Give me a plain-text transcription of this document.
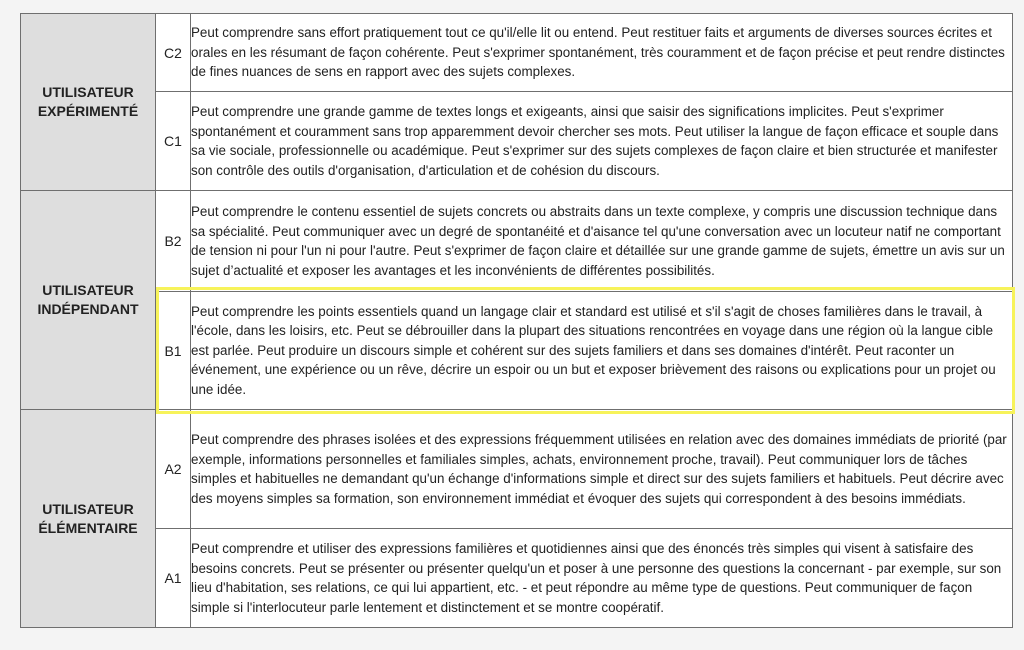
UTILISATEUR
EXPÉRIMENTÉ	C2	Peut comprendre sans effort pratiquement tout ce qu'il/elle lit ou entend. Peut restituer faits et arguments de diverses sources écrites et orales en les résumant de façon cohérente. Peut s'exprimer spontanément, très couramment et de façon précise et peut rendre distinctes de fines nuances de sens en rapport avec des sujets complexes.
	C1	Peut comprendre une grande gamme de textes longs et exigeants, ainsi que saisir des significations implicites. Peut s'exprimer spontanément et couramment sans trop apparemment devoir chercher ses mots. Peut utiliser la langue de façon efficace et souple dans sa vie sociale, professionnelle ou académique. Peut s'exprimer sur des sujets complexes de façon claire et bien structurée et manifester son contrôle des outils d'organisation, d'articulation et de cohésion du discours.
UTILISATEUR
INDÉPENDANT	B2	Peut comprendre le contenu essentiel de sujets concrets ou abstraits dans un texte complexe, y compris une discussion technique dans sa spécialité. Peut communiquer avec un degré de spontanéité et d'aisance tel qu'une conversation avec un locuteur natif ne comportant de tension ni pour l'un ni pour l'autre. Peut s'exprimer de façon claire et détaillée sur une grande gamme de sujets, émettre un avis sur un sujet d’actualité et exposer les avantages et les inconvénients de différentes possibilités.
	B1	Peut comprendre les points essentiels quand un langage clair et standard est utilisé et s'il s'agit de choses familières dans le travail, à l'école, dans les loisirs, etc. Peut se débrouiller dans la plupart des situations rencontrées en voyage dans une région où la langue cible est parlée. Peut produire un discours simple et cohérent sur des sujets familiers et dans ses domaines d'intérêt. Peut raconter un événement, une expérience ou un rêve, décrire un espoir ou un but et exposer brièvement des raisons ou explications pour un projet ou une idée.
UTILISATEUR
ÉLÉMENTAIRE	A2	Peut comprendre des phrases isolées et des expressions fréquemment utilisées en relation avec des domaines immédiats de priorité (par exemple, informations personnelles et familiales simples, achats, environnement proche, travail). Peut communiquer lors de tâches simples et habituelles ne demandant qu'un échange d'informations simple et direct sur des sujets familiers et habituels. Peut décrire avec des moyens simples sa formation, son environnement immédiat et évoquer des sujets qui correspondent à des besoins immédiats.
	A1	Peut comprendre et utiliser des expressions familières et quotidiennes ainsi que des énoncés très simples qui visent à satisfaire des besoins concrets. Peut se présenter ou présenter quelqu'un et poser à une personne des questions la concernant - par exemple, sur son lieu d'habitation, ses relations, ce qui lui appartient, etc. - et peut répondre au même type de questions. Peut communiquer de façon simple si l'interlocuteur parle lentement et distinctement et se montre coopératif.
